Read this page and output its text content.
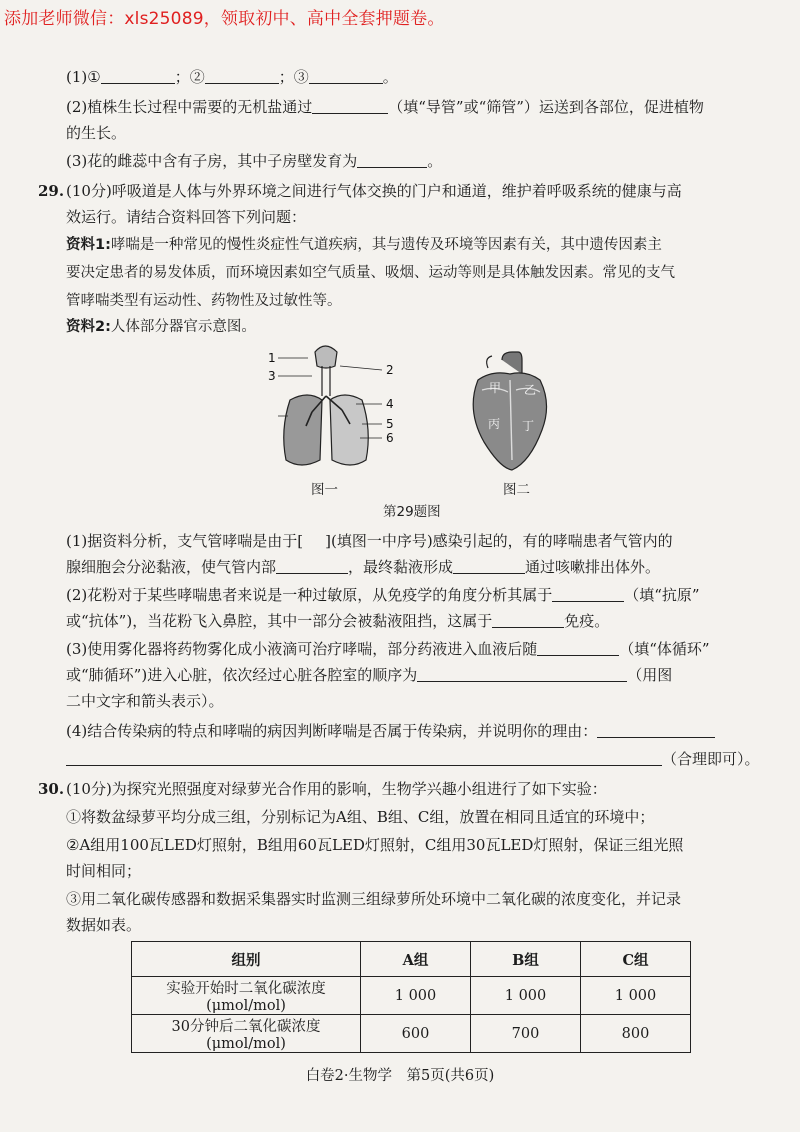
添加老师微信：xls25089，领取初中、高中全套押题卷。
(1)①	；②	；③	。
(2)植株生长过程中需要的无机盐通过	（填“导管”或“筛管”）运送到各部位，促进植物
的生长。
(3)花的雌蕊中含有子房，其中子房壁发育为	。
29. (10分)呼吸道是人体与外界环境之间进行气体交换的门户和通道，维护着呼吸系统的健康与高
效运行。请结合资料回答下列问题：
资料1:哮喘是一种常见的慢性炎症性气道疾病，其与遗传及环境等因素有关，其中遗传因素主
要决定患者的易发体质，而环境因素如空气质量、吸烟、运动等则是具体触发因素。常见的支气
管哮喘类型有运动性、药物性及过敏性等。
资料2:人体部分器官示意图。
1
2
3
4
5
6
甲 乙
丙 丁
图一	图二
第29题图
(1)据资料分析，支气管哮喘是由于[ ](填图一中序号)感染引起的，有的哮喘患者气管内的
腺细胞会分泌黏液，使气管内部	，最终黏液形成	通过咳嗽排出体外。
(2)花粉对于某些哮喘患者来说是一种过敏原，从免疫学的角度分析其属于	（填“抗原”
或“抗体”)，当花粉飞入鼻腔，其中一部分会被黏液阻挡，这属于	免疫。
(3)使用雾化器将药物雾化成小液滴可治疗哮喘，部分药液进入血液后随	（填“体循环”
或“肺循环”)进入心脏，依次经过心脏各腔室的顺序为	（用图
二中文字和箭头表示）。
(4)结合传染病的特点和哮喘的病因判断哮喘是否属于传染病，并说明你的理由：
（合理即可）。
30. (10分)为探究光照强度对绿萝光合作用的影响，生物学兴趣小组进行了如下实验：
①将数盆绿萝平均分成三组，分别标记为A组、B组、C组，放置在相同且适宜的环境中；
②A组用100瓦LED灯照射，B组用60瓦LED灯照射，C组用30瓦LED灯照射，保证三组光照
时间相同；
③用二氧化碳传感器和数据采集器实时监测三组绿萝所处环境中二氧化碳的浓度变化，并记录
数据如表。
组别	A组	B组	C组
实验开始时二氧化碳浓度(μmol/mol)	1 000	1 000	1 000
30分钟后二氧化碳浓度(μmol/mol)	600	700	800
白卷2·生物学　第5页(共6页)
